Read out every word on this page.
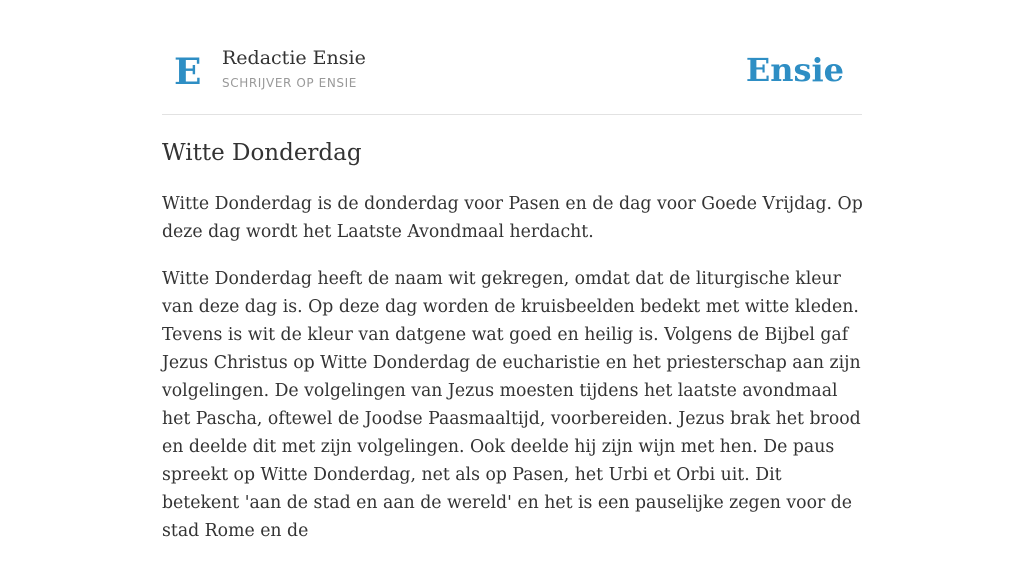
E Redactie Ensie
SCHRIJVER OP ENSIE	Ensie
Witte Donderdag

Witte Donderdag is de donderdag voor Pasen en de dag voor Goede Vrijdag. Op deze dag wordt het Laatste Avondmaal herdacht.

Witte Donderdag heeft de naam wit gekregen, omdat dat de liturgische kleur van deze dag is. Op deze dag worden de kruisbeelden bedekt met witte kleden. Tevens is wit de kleur van datgene wat goed en heilig is. Volgens de Bijbel gaf Jezus Christus op Witte Donderdag de eucharistie en het priesterschap aan zijn volgelingen. De volgelingen van Jezus moesten tijdens het laatste avondmaal het Pascha, oftewel de Joodse Paasmaaltijd, voorbereiden. Jezus brak het brood en deelde dit met zijn volgelingen. Ook deelde hij zijn wijn met hen. De paus spreekt op Witte Donderdag, net als op Pasen, het Urbi et Orbi uit. Dit betekent 'aan de stad en aan de wereld' en het is een pauselijke zegen voor de stad Rome en de
